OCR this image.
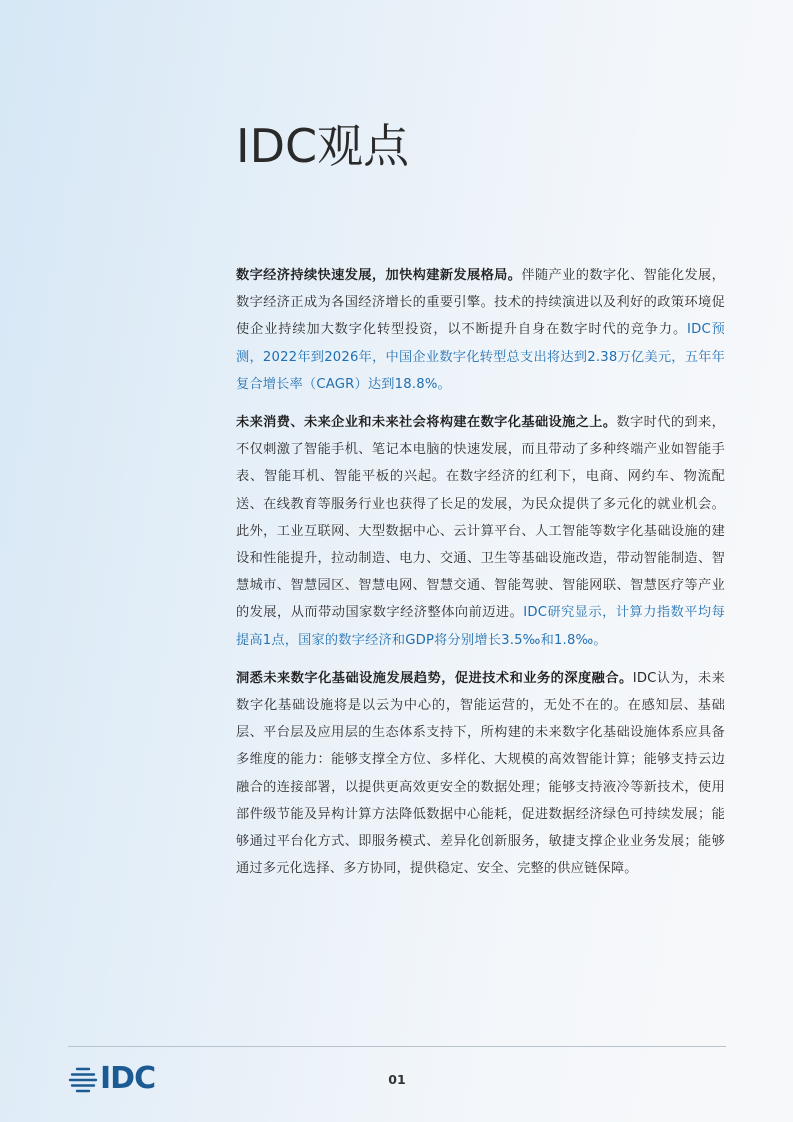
IDC观点

数字经济持续快速发展，加快构建新发展格局。伴随产业的数字化、智能化发展，数字经济正成为各国经济增长的重要引擎。技术的持续演进以及利好的政策环境促使企业持续加大数字化转型投资，以不断提升自身在数字时代的竞争力。IDC预测，2022年到2026年，中国企业数字化转型总支出将达到2.38万亿美元，五年年复合增长率（CAGR）达到18.8%。

未来消费、未来企业和未来社会将构建在数字化基础设施之上。数字时代的到来，不仅刺激了智能手机、笔记本电脑的快速发展，而且带动了多种终端产业如智能手表、智能耳机、智能平板的兴起。在数字经济的红利下，电商、网约车、物流配送、在线教育等服务行业也获得了长足的发展，为民众提供了多元化的就业机会。此外，工业互联网、大型数据中心、云计算平台、人工智能等数字化基础设施的建设和性能提升，拉动制造、电力、交通、卫生等基础设施改造，带动智能制造、智慧城市、智慧园区、智慧电网、智慧交通、智能驾驶、智能网联、智慧医疗等产业的发展，从而带动国家数字经济整体向前迈进。IDC研究显示，计算力指数平均每提高1点，国家的数字经济和GDP将分别增长3.5‰和1.8‰。

洞悉未来数字化基础设施发展趋势，促进技术和业务的深度融合。IDC认为，未来数字化基础设施将是以云为中心的，智能运营的，无处不在的。在感知层、基础层、平台层及应用层的生态体系支持下，所构建的未来数字化基础设施体系应具备多维度的能力：能够支撑全方位、多样化、大规模的高效智能计算；能够支持云边融合的连接部署，以提供更高效更安全的数据处理；能够支持液冷等新技术，使用部件级节能及异构计算方法降低数据中心能耗，促进数据经济绿色可持续发展；能够通过平台化方式、即服务模式、差异化创新服务，敏捷支撑企业业务发展；能够通过多元化选择、多方协同，提供稳定、安全、完整的供应链保障。

IDC	01
